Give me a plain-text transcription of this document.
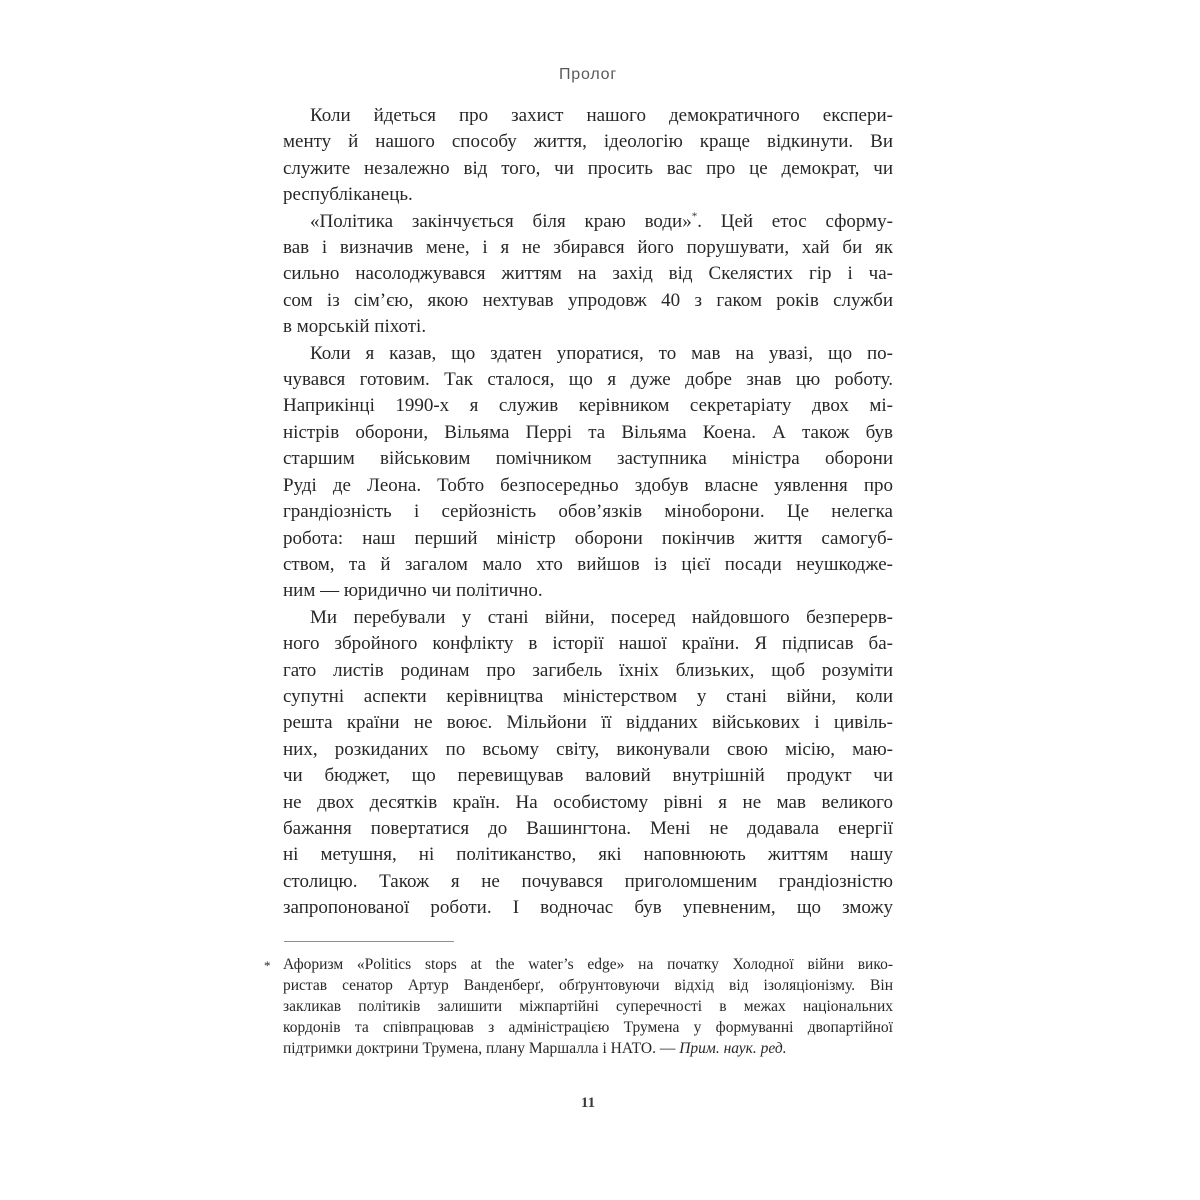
Пролог
Коли йдеться про захист нашого демократичного експери-
менту й нашого способу життя, ідеологію краще відкинути. Ви
служите незалежно від того, чи просить вас про це демократ, чи
республіканець.
«Політика закінчується біля краю води»*. Цей етос сформу-
вав і визначив мене, і я не збирався його порушувати, хай би як
сильно насолоджувався життям на захід від Скелястих гір і ча-
сом із сім’єю, якою нехтував упродовж 40 з гаком років служби
в морській піхоті.
Коли я казав, що здатен упоратися, то мав на увазі, що по-
чувався готовим. Так сталося, що я дуже добре знав цю роботу.
Наприкінці 1990-х я служив керівником секретаріату двох мі-
ністрів оборони, Вільяма Перрі та Вільяма Коена. А також був
старшим військовим помічником заступника міністра оборони
Руді де Леона. Тобто безпосередньо здобув власне уявлення про
грандіозність і серйозність обов’язків міноборони. Це нелегка
робота: наш перший міністр оборони покінчив життя самогуб-
ством, та й загалом мало хто вийшов із цієї посади неушкодже-
ним — юридично чи політично.
Ми перебували у стані війни, посеред найдовшого безперерв-
ного збройного конфлікту в історії нашої країни. Я підписав ба-
гато листів родинам про загибель їхніх близьких, щоб розуміти
супутні аспекти керівництва міністерством у стані війни, коли
решта країни не воює. Мільйони її відданих військових і цивіль-
них, розкиданих по всьому світу, виконували свою місію, маю-
чи бюджет, що перевищував валовий внутрішній продукт чи
не двох десятків країн. На особистому рівні я не мав великого
бажання повертатися до Вашингтона. Мені не додавала енергії
ні метушня, ні політиканство, які наповнюють життям нашу
столицю. Також я не почувався приголомшеним грандіозністю
запропонованої роботи. І водночас був упевненим, що зможу
* Афоризм «Politics stops at the water’s edge» на початку Холодної війни вико-
ристав сенатор Артур Ванденберґ, обґрунтовуючи відхід від ізоляціонізму. Він
закликав політиків залишити міжпартійні суперечності в межах національних
кордонів та співпрацював з адміністрацією Трумена у формуванні двопартійної
підтримки доктрини Трумена, плану Маршалла і НАТО. — Прим. наук. ред.
11
